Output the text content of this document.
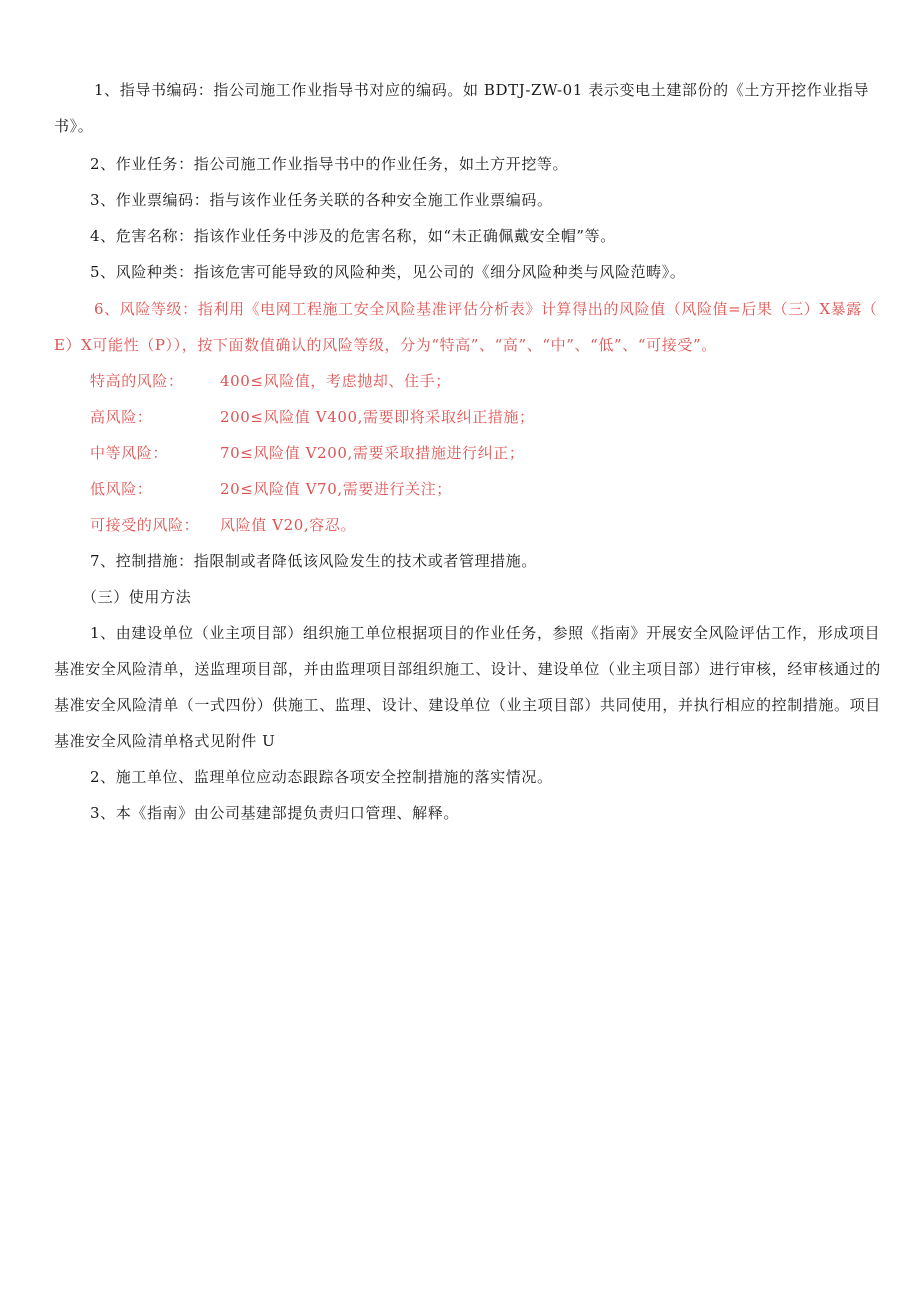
1、指导书编码：指公司施工作业指导书对应的编码。如 BDTJ-ZW-01 表示变电土建部份的《土方开挖作业指导
书》。
2、作业任务：指公司施工作业指导书中的作业任务，如土方开挖等。
3、作业票编码：指与该作业任务关联的各种安全施工作业票编码。
4、危害名称：指该作业任务中涉及的危害名称，如“未正确佩戴安全帽”等。
5、风险种类：指该危害可能导致的风险种类，见公司的《细分风险种类与风险范畴》。
6、风险等级：指利用《电网工程施工安全风险基准评估分析表》计算得出的风险值（风险值=后果（三）X暴露（
E）X可能性（P）），按下面数值确认的风险等级，分为“特高”、“高”、“中”、“低”、“可接受”。
特高的风险： 400≤风险值，考虑抛却、住手；
高风险：	200≤风险值 V400,需要即将采取纠正措施；
中等风险：	70≤风险值 V200,需要采取措施进行纠正；
低风险：	20≤风险值 V70,需要进行关注；
可接受的风险： 风险值 V20,容忍。
7、控制措施：指限制或者降低该风险发生的技术或者管理措施。
（三）使用方法
1、由建设单位（业主项目部）组织施工单位根据项目的作业任务，参照《指南》开展安全风险评估工作，形成项目
基准安全风险清单，送监理项目部，并由监理项目部组织施工、设计、建设单位（业主项目部）进行审核，经审核通过的
基准安全风险清单（一式四份）供施工、监理、设计、建设单位（业主项目部）共同使用，并执行相应的控制措施。项目
基准安全风险清单格式见附件 U
2、施工单位、监理单位应动态跟踪各项安全控制措施的落实情况。
3、本《指南》由公司基建部提负责归口管理、解释。
